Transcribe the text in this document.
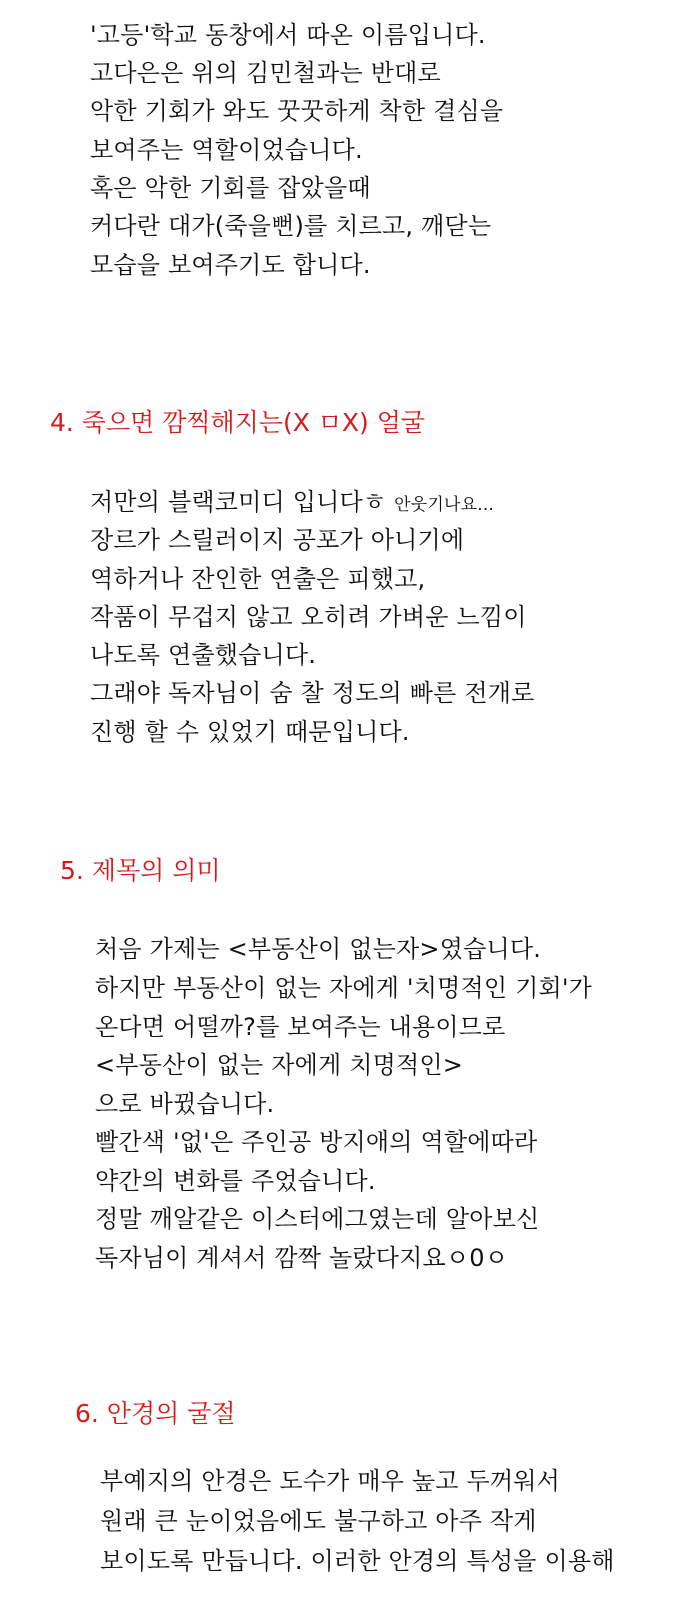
'고등'학교 동창에서 따온 이름입니다.
고다은은 위의 김민철과는 반대로
악한 기회가 와도 꿋꿋하게 착한 결심을
보여주는 역할이었습니다.
혹은 악한 기회를 잡았을때
커다란 대가(죽을뻔)를 치르고, 깨닫는
모습을 보여주기도 합니다.
4. 죽으면 깜찍해지는(X ㅁX) 얼굴
저만의 블랙코미디 입니다ㅎ 안웃기나요...
장르가 스릴러이지 공포가 아니기에
역하거나 잔인한 연출은 피했고,
작품이 무겁지 않고 오히려 가벼운 느낌이
나도록 연출했습니다.
그래야 독자님이 숨 찰 정도의 빠른 전개로
진행 할 수 있었기 때문입니다.
5. 제목의 의미
처음 가제는 <부동산이 없는자>였습니다.
하지만 부동산이 없는 자에게 '치명적인 기회'가
온다면 어떨까?를 보여주는 내용이므로
<부동산이 없는 자에게 치명적인>
으로 바뀠습니다.
빨간색 '없'은 주인공 방지애의 역할에따라
약간의 변화를 주었습니다.
정말 깨알같은 이스터에그였는데 알아보신
독자님이 계셔서 깜짝 놀랐다지요ㅇ0ㅇ
6. 안경의 굴절
부예지의 안경은 도수가 매우 높고 두꺼워서
원래 큰 눈이었음에도 불구하고 아주 작게
보이도록 만듭니다. 이러한 안경의 특성을 이용해
